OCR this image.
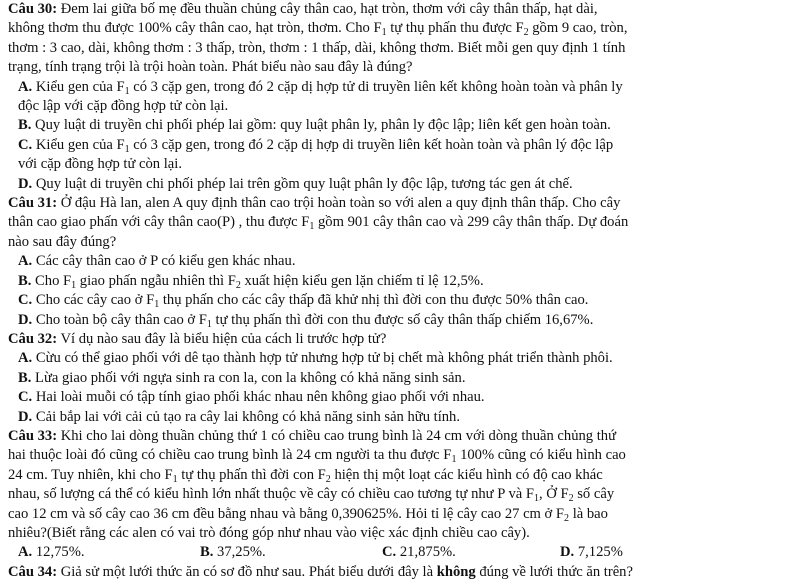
Câu 30: Đem lai giữa bố mẹ đều thuần chủng cây thân cao, hạt tròn, thơm với cây thân thấp, hạt dài,
không thơm thu được 100% cây thân cao, hạt tròn, thơm. Cho $F_1$ tự thụ phấn thu được $F_2$ gồm 9 cao, tròn,
thơm : 3 cao, dài, không thơm : 3 thấp, tròn, thơm : 1 thấp, dài, không thơm. Biết mỗi gen quy định 1 tính
trạng, tính trạng trội là trội hoàn toàn. Phát biểu nào sau đây là đúng?
A. Kiểu gen của $F_1$ có 3 cặp gen, trong đó 2 cặp dị hợp tử di truyền liên kết không hoàn toàn và phân ly
độc lập với cặp đồng hợp tử còn lại.
B. Quy luật di truyền chi phối phép lai gồm: quy luật phân ly, phân ly độc lập; liên kết gen hoàn toàn.
C. Kiểu gen của $F_1$ có 3 cặp gen, trong đó 2 cặp dị hợp di truyền liên kết hoàn toàn và phân lý độc lập
với cặp đồng hợp tử còn lại.
D. Quy luật di truyền chi phối phép lai trên gồm quy luật phân ly độc lập, tương tác gen át chế.
Câu 31: Ở đậu Hà lan, alen A quy định thân cao trội hoàn toàn so với alen a quy định thân thấp. Cho cây
thân cao giao phấn với cây thân cao(P) , thu được $F_1$ gồm 901 cây thân cao và 299 cây thân thấp. Dự đoán
nào sau đây đúng?
A. Các cây thân cao ở P có kiểu gen khác nhau.
B. Cho $F_1$ giao phấn ngẫu nhiên thì $F_2$ xuất hiện kiểu gen lặn chiếm tỉ lệ 12,5%.
C. Cho các cây cao ở $F_1$ thụ phấn cho các cây thấp đã khử nhị thì đời con thu được 50% thân cao.
D. Cho toàn bộ cây thân cao ở $F_1$ tự thụ phấn thì đời con thu được số cây thân thấp chiếm 16,67%.
Câu 32: Ví dụ nào sau đây là biểu hiện của cách li trước hợp tử?
A. Cừu có thể giao phối với dê tạo thành hợp tử nhưng hợp tử bị chết mà không phát triển thành phôi.
B. Lừa giao phối với ngựa sinh ra con la, con la không có khả năng sinh sản.
C. Hai loài muỗi có tập tính giao phối khác nhau nên không giao phối với nhau.
D. Cải bắp lai với cải củ tạo ra cây lai không có khả năng sinh sản hữu tính.
Câu 33: Khi cho lai dòng thuần chủng thứ 1 có chiều cao trung bình là 24 cm với dòng thuần chủng thứ
hai thuộc loài đó cũng có chiều cao trung bình là 24 cm người ta thu được $F_1$ 100% cũng có kiểu hình cao
24 cm. Tuy nhiên, khi cho $F_1$ tự thụ phấn thì đời con $F_2$ hiện thị một loạt các kiểu hình có độ cao khác
nhau, số lượng cá thể có kiểu hình lớn nhất thuộc về cây có chiều cao tương tự như P và $F_1$, Ở $F_2$ số cây
cao 12 cm và số cây cao 36 cm đều bằng nhau và bằng 0,390625%. Hỏi tỉ lệ cây cao 27 cm ở $F_2$ là bao
nhiêu?(Biết rằng các alen có vai trò đóng góp như nhau vào việc xác định chiều cao cây).
A. 12,75%.	B. 37,25%.	C. 21,875%.	D. 7,125%
Câu 34: Giả sử một lưới thức ăn có sơ đồ như sau. Phát biểu dưới đây là không đúng về lưới thức ăn trên?
